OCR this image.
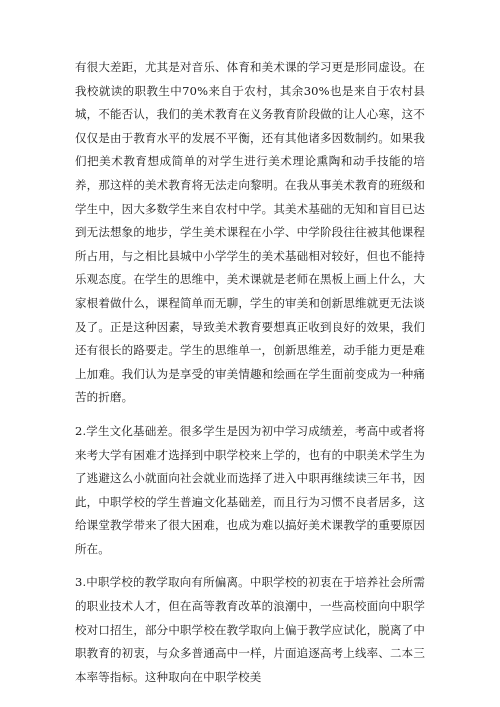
有很大差距，尤其是对音乐、体育和美术课的学习更是形同虚设。在我校就读的职教生中70%来自于农村，其余30%也是来自于农村县城，不能否认，我们的美术教育在义务教育阶段做的让人心寒，这不仅仅是由于教育水平的发展不平衡，还有其他诸多因数制约。如果我们把美术教育想成简单的对学生进行美术理论熏陶和动手技能的培养，那这样的美术教育将无法走向黎明。在我从事美术教育的班级和学生中，因大多数学生来自农村中学。其美术基础的无知和盲目已达到无法想象的地步，学生美术课程在小学、中学阶段往往被其他课程所占用，与之相比县城中小学学生的美术基础相对较好，但也不能持乐观态度。在学生的思维中，美术课就是老师在黑板上画上什么，大家根着做什么，课程简单而无聊，学生的审美和创新思维就更无法谈及了。正是这种因素，导致美术教育要想真正收到良好的效果，我们还有很长的路要走。学生的思维单一，创新思维差，动手能力更是难上加难。我们认为是享受的审美情趣和绘画在学生面前变成为一种痛苦的折磨。

2.学生文化基础差。很多学生是因为初中学习成绩差，考高中或者将来考大学有困难才选择到中职学校来上学的，也有的中职美术学生为了逃避这么小就面向社会就业而选择了进入中职再继续读三年书，因此，中职学校的学生普遍文化基础差，而且行为习惯不良者居多，这给课堂教学带来了很大困难，也成为难以搞好美术课教学的重要原因所在。

3.中职学校的教学取向有所偏离。中职学校的初衷在于培养社会所需的职业技术人才，但在高等教育改革的浪潮中，一些高校面向中职学校对口招生，部分中职学校在教学取向上偏于教学应试化，脱离了中职教育的初衷，与众多普通高中一样，片面追逐高考上线率、二本三本率等指标。这种取向在中职学校美
